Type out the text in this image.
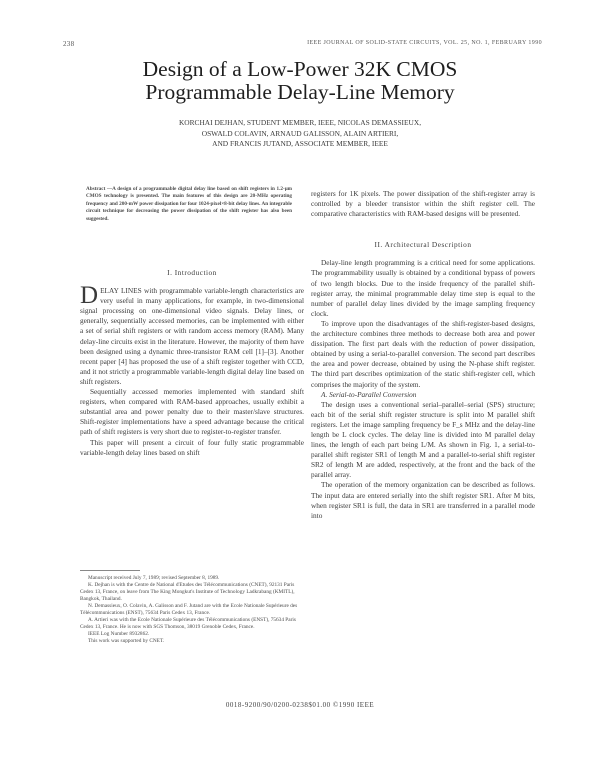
238	IEEE JOURNAL OF SOLID-STATE CIRCUITS, VOL. 25, NO. 1, FEBRUARY 1990
Design of a Low-Power 32K CMOS
Programmable Delay-Line Memory
KORCHAI DEJHAN, STUDENT MEMBER, IEEE, NICOLAS DEMASSIEUX,
OSWALD COLAVIN, ARNAUD GALISSON, ALAIN ARTIERI,
AND FRANCIS JUTAND, ASSOCIATE MEMBER, IEEE
Abstract —A design of a programmable digital delay line based on shift registers in 1.2-μm CMOS technology is presented. The main features of this design are 20-MHz operating frequency and 200-mW power dissipation for four 1024-pixel×8-bit delay lines. An integrable circuit technique for decreasing the power dissipation of the shift register has also been suggested.
I. Introduction

DELAY LINES with programmable variable-length characteristics are very useful in many applications, for example, in two-dimensional signal processing on one-dimensional video signals. Delay lines, or generally, sequentially accessed memories, can be implemented with either a set of serial shift registers or with random access memory (RAM). Many delay-line circuits exist in the literature. However, the majority of them have been designed using a dynamic three-transistor RAM cell [1]–[3]. Another recent paper [4] has proposed the use of a shift register together with CCD, and it not strictly a programmable variable-length digital delay line based on shift registers.

Sequentially accessed memories implemented with standard shift registers, when compared with RAM-based approaches, usually exhibit a substantial area and power penalty due to their master/slave structures. Shift-register implementations have a speed advantage because the critical path of shift registers is very short due to register-to-register transfer.

This paper will present a circuit of four fully static programmable variable-length delay lines based on shift

Manuscript received July 7, 1989; revised September 8, 1989.

K. Dejhan is with the Centre de National d'Etudes des Télécommunications (CNET), 92131 Paris Cedex 13, France, on leave from The King Mongkut's Institute of Technology Ladkrabang (KMITL), Bangkok, Thailand.

N. Demassieux, O. Colavin, A. Galisson and F. Jutand are with the Ecole Nationale Supérieure des Télécommunications (ENST), 75634 Paris Cedex 13, France.

A. Artieri was with the Ecole Nationale Supérieure des Télécommunications (ENST), 75634 Paris Cedex 13, France. He is now with SGS Thomson, 38019 Grenoble Cedex, France.

IEEE Log Number 8932862.

This work was supported by CNET.

registers for 1K pixels. The power dissipation of the shift-register array is controlled by a bleeder transistor within the shift register cell. The comparative characteristics with RAM-based designs will be presented.

II. Architectural Description

Delay-line length programming is a critical need for some applications. The programmability usually is obtained by a conditional bypass of powers of two length blocks. Due to the inside frequency of the parallel shift-register array, the minimal programmable delay time step is equal to the number of parallel delay lines divided by the image sampling frequency clock.

To improve upon the disadvantages of the shift-register-based designs, the architecture combines three methods to decrease both area and power dissipation. The first part deals with the reduction of power dissipation, obtained by using a serial-to-parallel conversion. The second part describes the area and power decrease, obtained by using the N-phase shift register. The third part describes optimization of the static shift-register cell, which comprises the majority of the system.

A. Serial-to-Parallel Conversion

The design uses a conventional serial–parallel–serial (SPS) structure; each bit of the serial shift register structure is split into M parallel shift registers. Let the image sampling frequency be F_s MHz and the delay-line length be L clock cycles. The delay line is divided into M parallel delay lines, the length of each part being L/M. As shown in Fig. 1, a serial-to-parallel shift register SR1 of length M and a parallel-to-serial shift register SR2 of length M are added, respectively, at the front and the back of the parallel array.

The operation of the memory organization can be described as follows. The input data are entered serially into the shift register SR1. After M bits, when register SR1 is full, the data in SR1 are transferred in a parallel mode into

0018-9200/90/0200-0238$01.00 ©1990 IEEE
